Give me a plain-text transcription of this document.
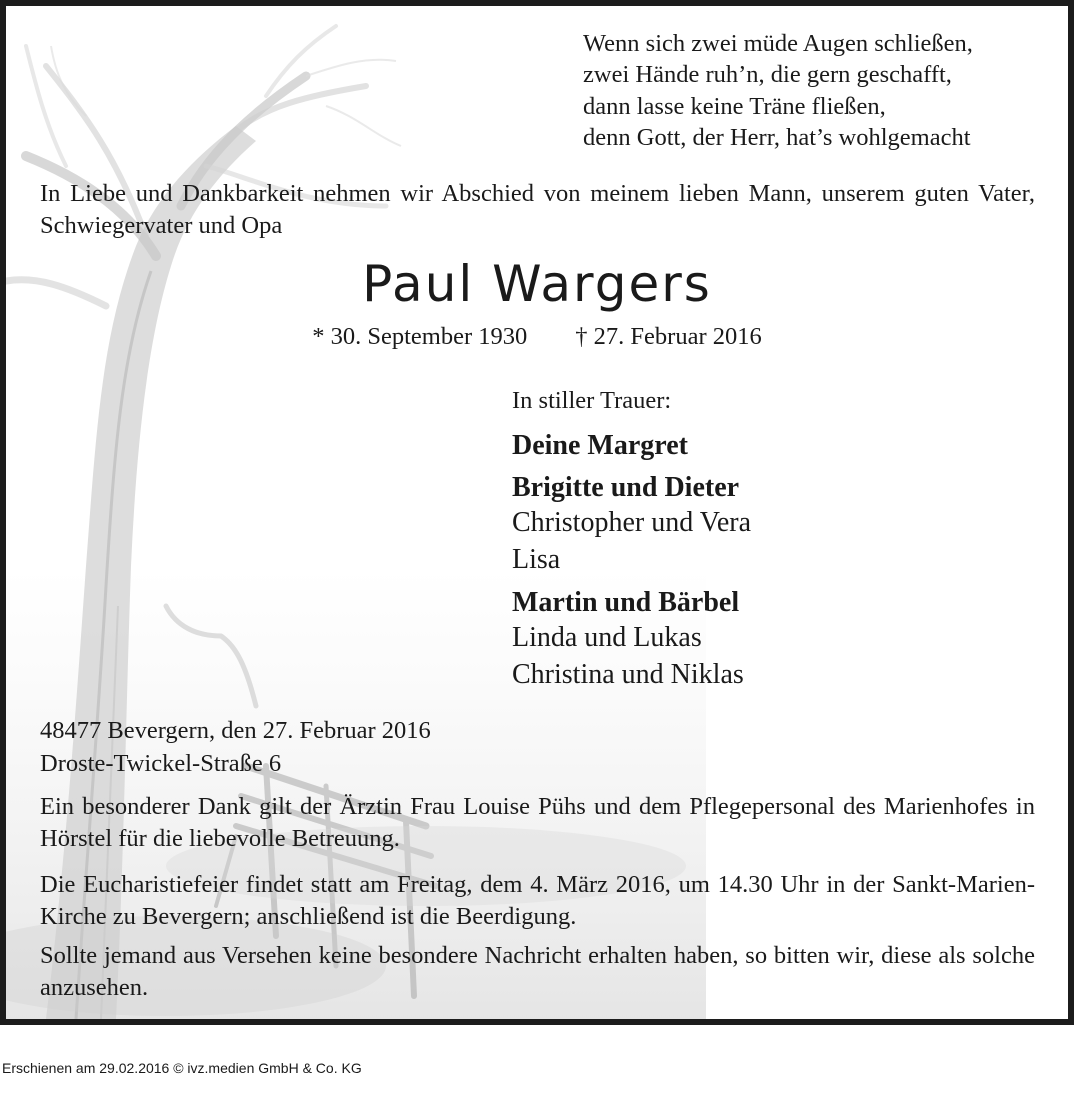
Wenn sich zwei müde Augen schließen,
zwei Hände ruh’n, die gern geschafft,
dann lasse keine Träne fließen,
denn Gott, der Herr, hat’s wohlgemacht
In Liebe und Dankbarkeit nehmen wir Abschied von meinem lieben Mann, unserem guten Vater, Schwiegervater und Opa
Paul Wargers
* 30. September 1930 † 27. Februar 2016
In stiller Trauer:
Deine Margret
Brigitte und Dieter
Christopher und Vera
Lisa
Martin und Bärbel
Linda und Lukas
Christina und Niklas
48477 Bevergern, den 27. Februar 2016
Droste-Twickel-Straße 6
Ein besonderer Dank gilt der Ärztin Frau Louise Pühs und dem Pflegepersonal des Marienhofes in Hörstel für die liebevolle Betreuung.
Die Eucharistiefeier findet statt am Freitag, dem 4. März 2016, um 14.30 Uhr in der Sankt-Marien-Kirche zu Bevergern; anschließend ist die Beerdigung.
Sollte jemand aus Versehen keine besondere Nachricht erhalten haben, so bitten wir, diese als solche anzusehen.
Erschienen am 29.02.2016 © ivz.medien GmbH & Co. KG
